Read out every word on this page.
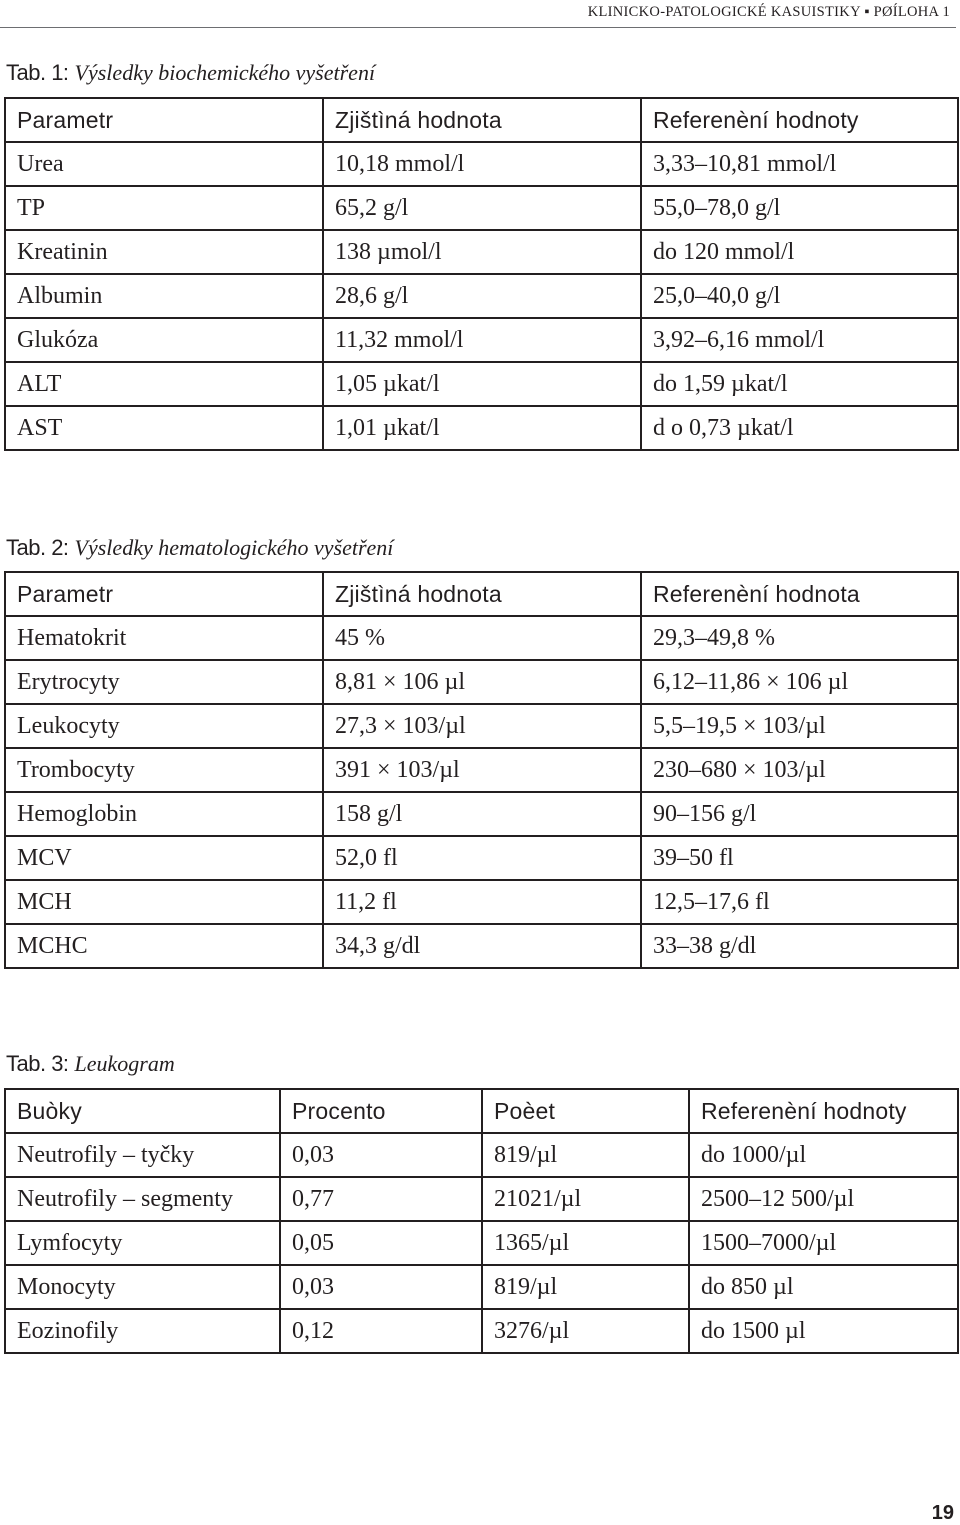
KLINICKO-PATOLOGICKÉ KASUISTIKY ▪ PØÍLOHA 1
Tab. 1: Výsledky biochemického vyšetření
Parametr	Zjištìná hodnota	Referenèní hodnoty
Urea	10,18 mmol/l	3,33–10,81 mmol/l
TP	65,2 g/l	55,0–78,0 g/l
Kreatinin	138 µmol/l	do 120 mmol/l
Albumin	28,6 g/l	25,0–40,0 g/l
Glukóza	11,32 mmol/l	3,92–6,16 mmol/l
ALT	1,05 µkat/l	do 1,59 µkat/l
AST	1,01 µkat/l	d o 0,73 µkat/l
Tab. 2: Výsledky hematologického vyšetření
Parametr	Zjištìná hodnota	Referenèní hodnota
Hematokrit	45 %	29,3–49,8 %
Erytrocyty	8,81 × 106 µl	6,12–11,86 × 106 µl
Leukocyty	27,3 × 103/µl	5,5–19,5 × 103/µl
Trombocyty	391 × 103/µl	230–680 × 103/µl
Hemoglobin	158 g/l	90–156 g/l
MCV	52,0 fl	39–50 fl
MCH	11,2 fl	12,5–17,6 fl
MCHC	34,3 g/dl	33–38 g/dl
Tab. 3: Leukogram
Buòky	Procento	Poèet	Referenèní hodnoty
Neutrofily – tyčky	0,03	819/µl	do 1000/µl
Neutrofily – segmenty	0,77	21021/µl	2500–12 500/µl
Lymfocyty	0,05	1365/µl	1500–7000/µl
Monocyty	0,03	819/µl	do 850 µl
Eozinofily	0,12	3276/µl	do 1500 µl
19
